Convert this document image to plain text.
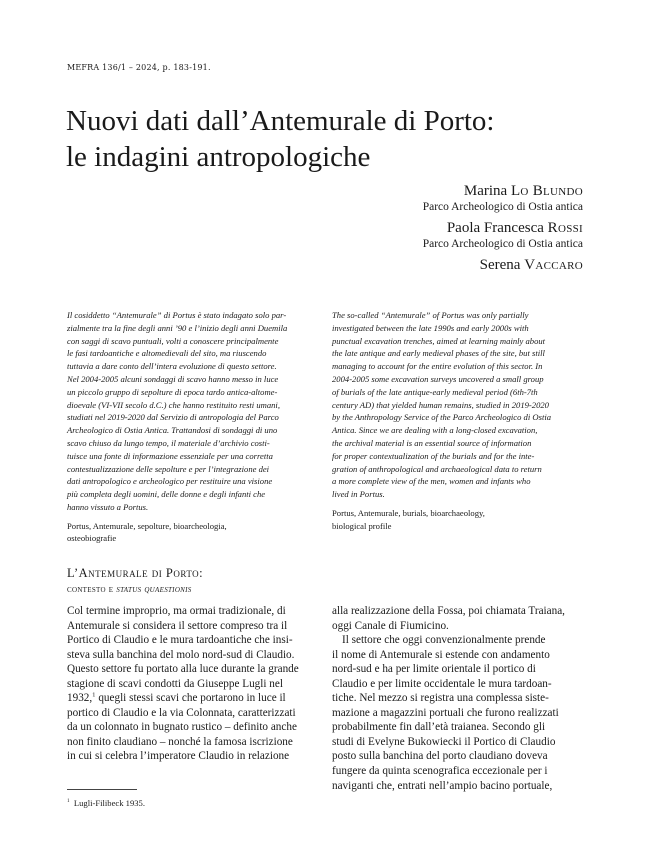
MEFRA 136/1 – 2024, p. 183-191.
Nuovi dati dall’Antemurale di Porto:
le indagini antropologiche
Marina Lo Blundo
Parco Archeologico di Ostia antica
Paola Francesca Rossi
Parco Archeologico di Ostia antica
Serena Vaccaro
Il cosiddetto “Antemurale” di Portus è stato indagato solo par-
zialmente tra la fine degli anni ’90 e l’inizio degli anni Duemila
con saggi di scavo puntuali, volti a conoscere principalmente
le fasi tardoantiche e altomedievali del sito, ma riuscendo
tuttavia a dare conto dell’intera evoluzione di questo settore.
Nel 2004-2005 alcuni sondaggi di scavo hanno messo in luce
un piccolo gruppo di sepolture di epoca tardo antica-altome-
dioevale (VI-VII secolo d.C.) che hanno restituito resti umani,
studiati nel 2019-2020 dal Servizio di antropologia del Parco
Archeologico di Ostia Antica. Trattandosi di sondaggi di uno
scavo chiuso da lungo tempo, il materiale d’archivio costi-
tuisce una fonte di informazione essenziale per una corretta
contestualizzazione delle sepolture e per l’integrazione dei
dati antropologico e archeologico per restituire una visione
più completa degli uomini, delle donne e degli infanti che
hanno vissuto a Portus.
Portus, Antemurale, sepolture, bioarcheologia,
osteobiografie
The so-called “Antemurale” of Portus was only partially
investigated between the late 1990s and early 2000s with
punctual excavation trenches, aimed at learning mainly about
the late antique and early medieval phases of the site, but still
managing to account for the entire evolution of this sector. In
2004-2005 some excavation surveys uncovered a small group
of burials of the late antique-early medieval period (6th-7th
century AD) that yielded human remains, studied in 2019-2020
by the Anthropology Service of the Parco Archeologico di Ostia
Antica. Since we are dealing with a long-closed excavation,
the archival material is an essential source of information
for proper contextualization of the burials and for the inte-
gration of anthropological and archaeological data to return
a more complete view of the men, women and infants who
lived in Portus.
Portus, Antemurale, burials, bioarchaeology,
biological profile
L’Antemurale di Porto:
contesto e status quaestionis
Col termine improprio, ma ormai tradizionale, di
Antemurale si considera il settore compreso tra il
Portico di Claudio e le mura tardoantiche che insi-
steva sulla banchina del molo nord-sud di Claudio.
Questo settore fu portato alla luce durante la grande
stagione di scavi condotti da Giuseppe Lugli nel
1932,$^1$ quegli stessi scavi che portarono in luce il
portico di Claudio e la via Colonnata, caratterizzati
da un colonnato in bugnato rustico – definito anche
non finito claudiano – nonché la famosa iscrizione
in cui si celebra l’imperatore Claudio in relazione
alla realizzazione della Fossa, poi chiamata Traiana,
oggi Canale di Fiumicino.
Il settore che oggi convenzionalmente prende
il nome di Antemurale si estende con andamento
nord-sud e ha per limite orientale il portico di
Claudio e per limite occidentale le mura tardoan-
tiche. Nel mezzo si registra una complessa siste-
mazione a magazzini portuali che furono realizzati
probabilmente fin dall’età traianea. Secondo gli
studi di Evelyne Bukowiecki il Portico di Claudio
posto sulla banchina del porto claudiano doveva
fungere da quinta scenografica eccezionale per i
naviganti che, entrati nell’ampio bacino portuale,
$^1$ Lugli-Filibeck 1935.
